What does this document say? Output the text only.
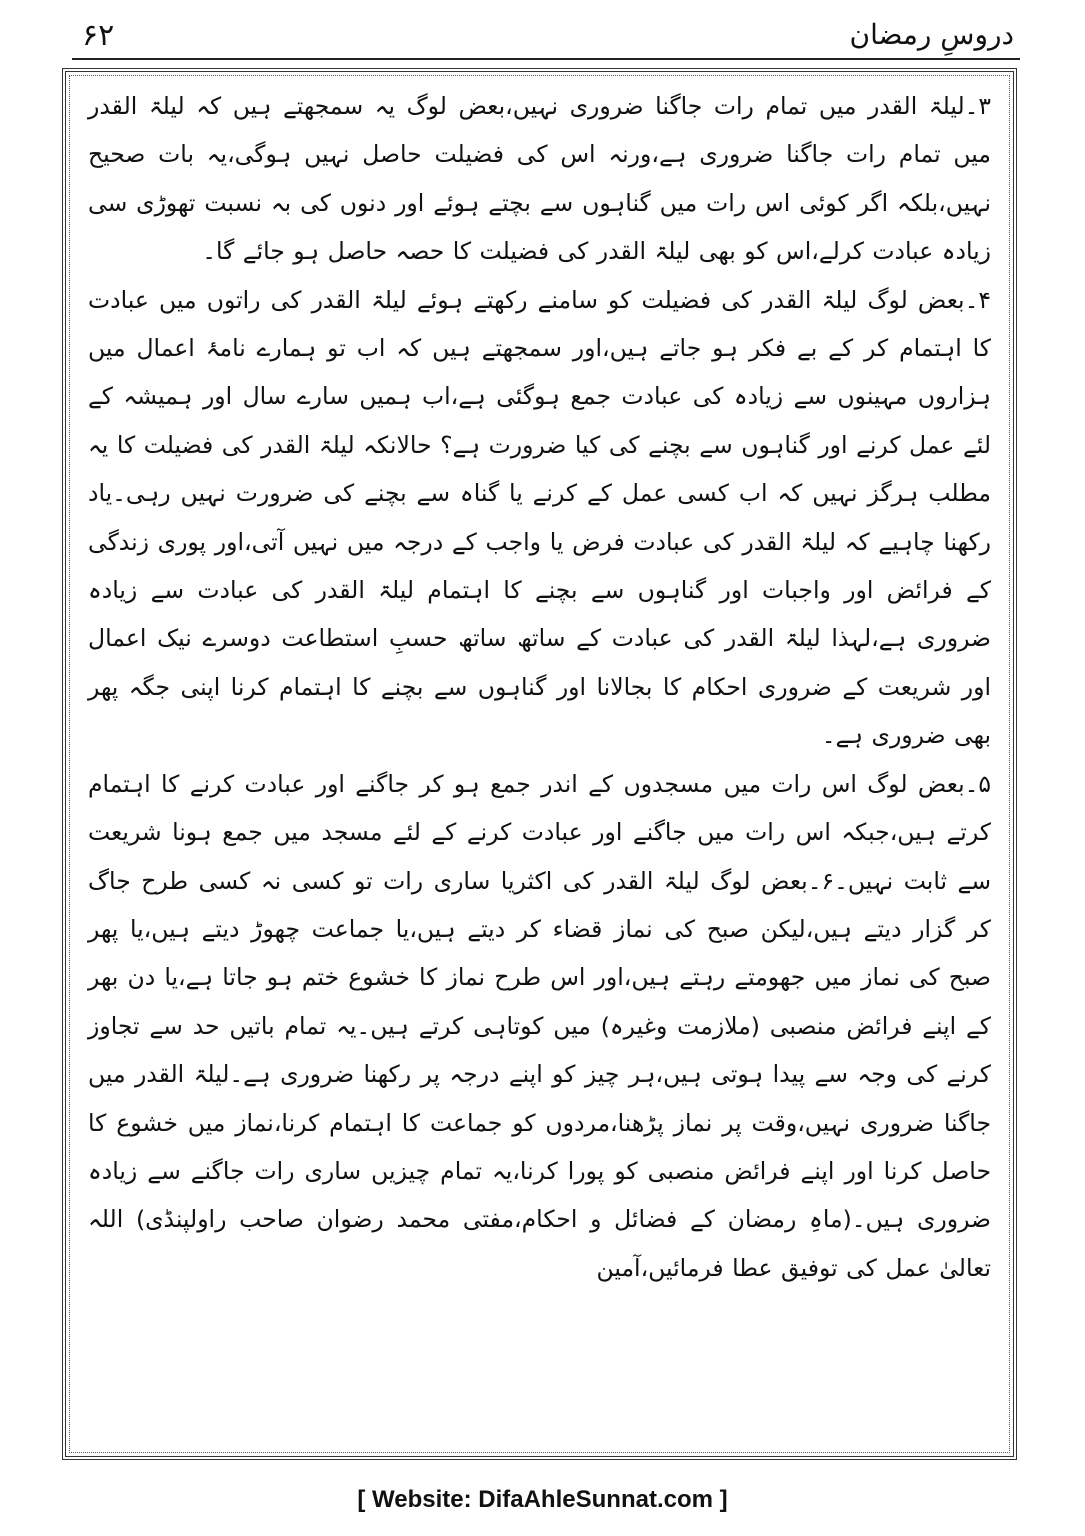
۶۲	دروسِ رمضان

۳۔لیلۃ القدر میں تمام رات جاگنا ضروری نہیں،بعض لوگ یہ سمجھتے ہیں کہ لیلۃ القدر میں تمام رات جاگنا ضروری ہے،ورنہ اس کی فضیلت حاصل نہیں ہوگی،یہ بات صحیح نہیں،بلکہ اگر کوئی اس رات میں گناہوں سے بچتے ہوئے اور دنوں کی بہ نسبت تھوڑی سی زیادہ عبادت کرلے،اس کو بھی لیلۃ القدر کی فضیلت کا حصہ حاصل ہو جائے گا۔

۴۔بعض لوگ لیلۃ القدر کی فضیلت کو سامنے رکھتے ہوئے لیلۃ القدر کی راتوں میں عبادت کا اہتمام کر کے بے فکر ہو جاتے ہیں،اور سمجھتے ہیں کہ اب تو ہمارے نامۂ اعمال میں ہزاروں مہینوں سے زیادہ کی عبادت جمع ہوگئی ہے،اب ہمیں سارے سال اور ہمیشہ کے لئے عمل کرنے اور گناہوں سے بچنے کی کیا ضرورت ہے؟ حالانکہ لیلۃ القدر کی فضیلت کا یہ مطلب ہرگز نہیں کہ اب کسی عمل کے کرنے یا گناہ سے بچنے کی ضرورت نہیں رہی۔یاد رکھنا چاہیے کہ لیلۃ القدر کی عبادت فرض یا واجب کے درجہ میں نہیں آتی،اور پوری زندگی کے فرائض اور واجبات اور گناہوں سے بچنے کا اہتمام لیلۃ القدر کی عبادت سے زیادہ ضروری ہے،لہذا لیلۃ القدر کی عبادت کے ساتھ ساتھ حسبِ استطاعت دوسرے نیک اعمال اور شریعت کے ضروری احکام کا بجالانا اور گناہوں سے بچنے کا اہتمام کرنا اپنی جگہ پھر بھی ضروری ہے۔

۵۔بعض لوگ اس رات میں مسجدوں کے اندر جمع ہو کر جاگنے اور عبادت کرنے کا اہتمام کرتے ہیں،جبکہ اس رات میں جاگنے اور عبادت کرنے کے لئے مسجد میں جمع ہونا شریعت سے ثابت نہیں۔۶۔بعض لوگ لیلۃ القدر کی اکثریا ساری رات تو کسی نہ کسی طرح جاگ کر گزار دیتے ہیں،لیکن صبح کی نماز قضاء کر دیتے ہیں،یا جماعت چھوڑ دیتے ہیں،یا پھر صبح کی نماز میں جھومتے رہتے ہیں،اور اس طرح نماز کا خشوع ختم ہو جاتا ہے،یا دن بھر کے اپنے فرائض منصبی (ملازمت وغیرہ) میں کوتاہی کرتے ہیں۔یہ تمام باتیں حد سے تجاوز کرنے کی وجہ سے پیدا ہوتی ہیں،ہر چیز کو اپنے درجہ پر رکھنا ضروری ہے۔لیلۃ القدر میں جاگنا ضروری نہیں،وقت پر نماز پڑھنا،مردوں کو جماعت کا اہتمام کرنا،نماز میں خشوع کا حاصل کرنا اور اپنے فرائض منصبی کو پورا کرنا،یہ تمام چیزیں ساری رات جاگنے سے زیادہ ضروری ہیں۔(ماہِ رمضان کے فضائل و احکام،مفتی محمد رضوان صاحب راولپنڈی) اللہ تعالیٰ عمل کی توفیق عطا فرمائیں،آمین

[ Website: DifaAhleSunnat.com ]
